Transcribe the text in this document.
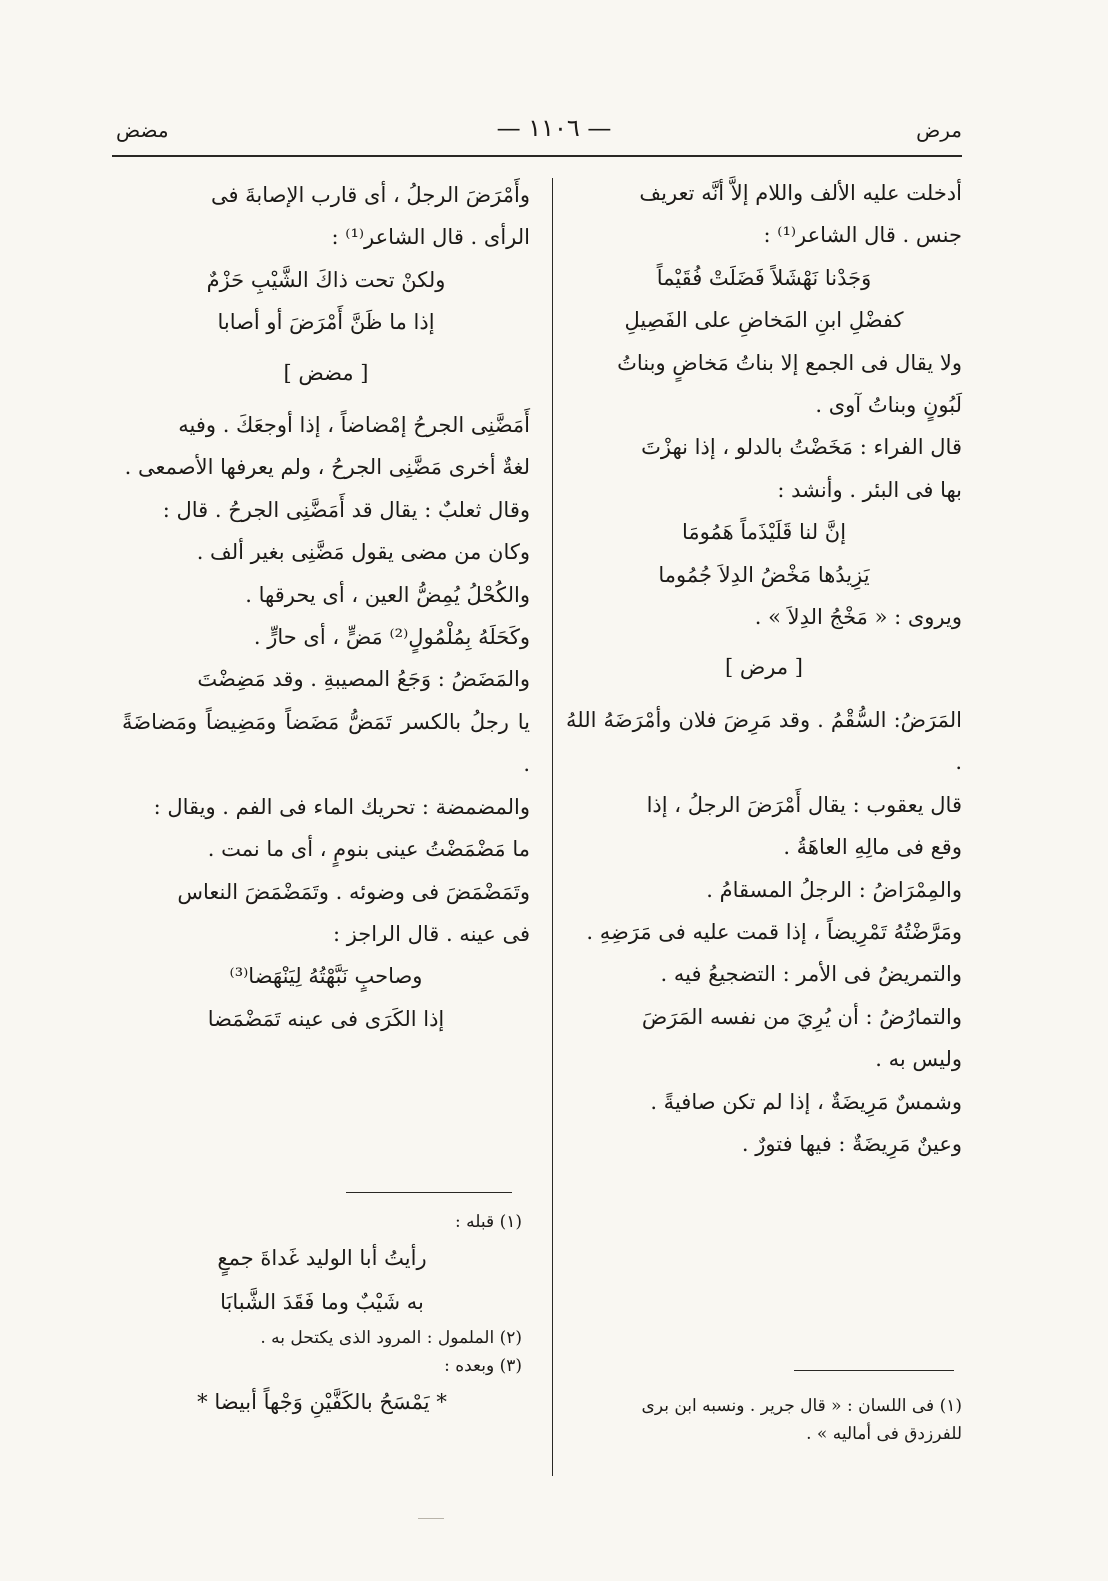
مرض
— ١١٠٦ —
مضض

أدخلت عليه الألف واللام إلاَّ أنَّه تعريف

جنس . قال الشاعر⁽¹⁾ :

وَجَدْنا نَهْشَلاً فَضَلَتْ فُقَيْماً

كفضْلِ ابنِ المَخاضِ على الفَصِيلِ

ولا يقال فى الجمع إلا بناتُ مَخاضٍ وبناتُ

لَبُونٍ وبناتُ آوى .

قال الفراء : مَخَضْتُ بالدلو ، إذا نهزْتَ

بها فى البئر . وأنشد :

إنَّ لنا قَلَيْذَماً هَمُومَا

يَزِيدُها مَخْضُ الدِلاَ جُمُوما

ويروى : « مَخْجُ الدِلاَ » .

[ مرض ]

المَرَضُ: السُّقْمُ . وقد مَرِضَ فلان وأمْرَضَهُ اللهُ .

قال يعقوب : يقال أَمْرَضَ الرجلُ ، إذا

وقع فى مالِهِ العاهَةُ .

والمِمْرَاضُ : الرجلُ المسقامُ .

ومَرَّضْتُهُ تَمْرِيضاً ، إذا قمت عليه فى مَرَضِهِ .

والتمريضُ فى الأمر : التضجيعُ فيه .

والتمارُضُ : أن يُرِيَ من نفسه المَرَضَ

وليس به .

وشمسٌ مَرِيضَةٌ ، إذا لم تكن صافيةً .

وعينٌ مَرِيضَةٌ : فيها فتورٌ .

(١) فى اللسان : « قال جرير . ونسبه ابن برى

للفرزدق فى أماليه » .

وأَمْرَضَ الرجلُ ، أى قارب الإصابةَ فى

الرأى . قال الشاعر⁽¹⁾ :

ولكنْ تحت ذاكَ الشَّيْبِ حَزْمٌ

إذا ما ظَنَّ أَمْرَضَ أو أصابا

[ مضض ]

أَمَضَّنِى الجرحُ إمْضاضاً ، إذا أوجعَكَ . وفيه

لغةٌ أخرى مَضَّنِى الجرحُ ، ولم يعرفها الأصمعى .

وقال ثعلبٌ : يقال قد أَمَضَّنِى الجرحُ . قال :

وكان من مضى يقول مَضَّنِى بغير ألف .

والكُحْلُ يُمِضُّ العين ، أى يحرقها .

وكَحَلَهُ بِمُلْمُولٍ⁽²⁾ مَضٍّ ، أى حارٍّ .

والمَضَضُ : وَجَعُ المصيبةِ . وقد مَضِضْتَ

يا رجلُ بالكسر تَمَضُّ مَضَضاً ومَضِيضاً ومَضاضَةً .

والمضمضة : تحريك الماء فى الفم . ويقال :

ما مَضْمَضْتُ عينى بنومٍ ، أى ما نمت .

وتَمَضْمَضَ فى وضوئه . وتَمَضْمَضَ النعاس

فى عينه . قال الراجز :

وصاحبٍ نَبَّهْتُهُ لِيَنْهَضا⁽³⁾

إذا الكَرَى فى عينه تَمَضْمَضا

(١) قبله :

رأيتُ أبا الوليد غَداةَ جمعٍ

به شَيْبٌ وما فَقَدَ الشَّبابَا

(٢) الملمول : المرود الذى يكتحل به .

(٣) وبعده :

* يَمْسَحُ بالكَفَّيْنِ وَجْهاً أبيضا *
